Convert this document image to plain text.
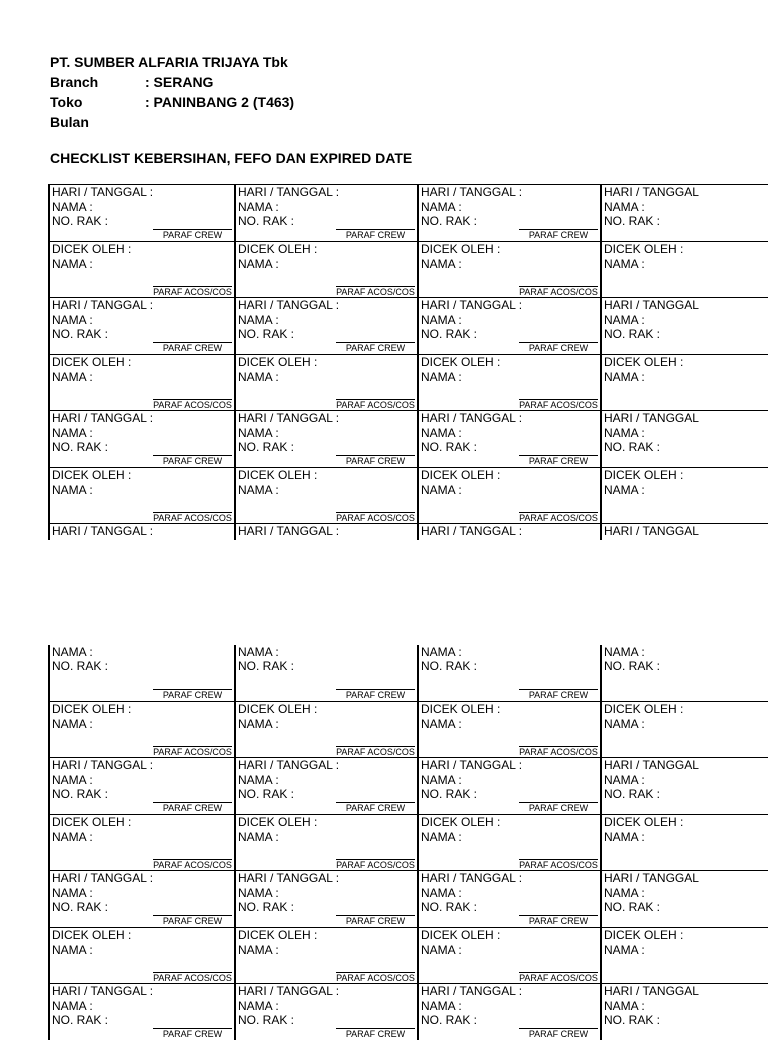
PT. SUMBER ALFARIA TRIJAYA Tbk
Branch	: SERANG
Toko	: PANINBANG 2 (T463)
Bulan
CHECKLIST KEBERSIHAN, FEFO DAN EXPIRED DATE
HARI / TANGGAL :
NAMA :
NO. RAK :
PARAF CREW
HARI / TANGGAL :
NAMA :
NO. RAK :
PARAF CREW
HARI / TANGGAL :
NAMA :
NO. RAK :
PARAF CREW
HARI / TANGGAL
NAMA :
NO. RAK :
DICEK OLEH :
NAMA :
PARAF ACOS/COS
DICEK OLEH :
NAMA :
PARAF ACOS/COS
DICEK OLEH :
NAMA :
PARAF ACOS/COS
DICEK OLEH :
NAMA :
HARI / TANGGAL :
NAMA :
NO. RAK :
PARAF CREW
HARI / TANGGAL :
NAMA :
NO. RAK :
PARAF CREW
HARI / TANGGAL :
NAMA :
NO. RAK :
PARAF CREW
HARI / TANGGAL
NAMA :
NO. RAK :
DICEK OLEH :
NAMA :
PARAF ACOS/COS
DICEK OLEH :
NAMA :
PARAF ACOS/COS
DICEK OLEH :
NAMA :
PARAF ACOS/COS
DICEK OLEH :
NAMA :
HARI / TANGGAL :
NAMA :
NO. RAK :
PARAF CREW
HARI / TANGGAL :
NAMA :
NO. RAK :
PARAF CREW
HARI / TANGGAL :
NAMA :
NO. RAK :
PARAF CREW
HARI / TANGGAL
NAMA :
NO. RAK :
DICEK OLEH :
NAMA :
PARAF ACOS/COS
DICEK OLEH :
NAMA :
PARAF ACOS/COS
DICEK OLEH :
NAMA :
PARAF ACOS/COS
DICEK OLEH :
NAMA :
HARI / TANGGAL :	HARI / TANGGAL :	HARI / TANGGAL :	HARI / TANGGAL
NAMA :
NO. RAK :
PARAF CREW
NAMA :
NO. RAK :
PARAF CREW
NAMA :
NO. RAK :
PARAF CREW
NAMA :
NO. RAK :
DICEK OLEH :
NAMA :
PARAF ACOS/COS
DICEK OLEH :
NAMA :
PARAF ACOS/COS
DICEK OLEH :
NAMA :
PARAF ACOS/COS
DICEK OLEH :
NAMA :
HARI / TANGGAL :
NAMA :
NO. RAK :
PARAF CREW
HARI / TANGGAL :
NAMA :
NO. RAK :
PARAF CREW
HARI / TANGGAL :
NAMA :
NO. RAK :
PARAF CREW
HARI / TANGGAL
NAMA :
NO. RAK :
DICEK OLEH :
NAMA :
PARAF ACOS/COS
DICEK OLEH :
NAMA :
PARAF ACOS/COS
DICEK OLEH :
NAMA :
PARAF ACOS/COS
DICEK OLEH :
NAMA :
HARI / TANGGAL :
NAMA :
NO. RAK :
PARAF CREW
HARI / TANGGAL :
NAMA :
NO. RAK :
PARAF CREW
HARI / TANGGAL :
NAMA :
NO. RAK :
PARAF CREW
HARI / TANGGAL
NAMA :
NO. RAK :
DICEK OLEH :
NAMA :
PARAF ACOS/COS
DICEK OLEH :
NAMA :
PARAF ACOS/COS
DICEK OLEH :
NAMA :
PARAF ACOS/COS
DICEK OLEH :
NAMA :
HARI / TANGGAL :
NAMA :
NO. RAK :
PARAF CREW
HARI / TANGGAL :
NAMA :
NO. RAK :
PARAF CREW
HARI / TANGGAL :
NAMA :
NO. RAK :
PARAF CREW
HARI / TANGGAL
NAMA :
NO. RAK :
